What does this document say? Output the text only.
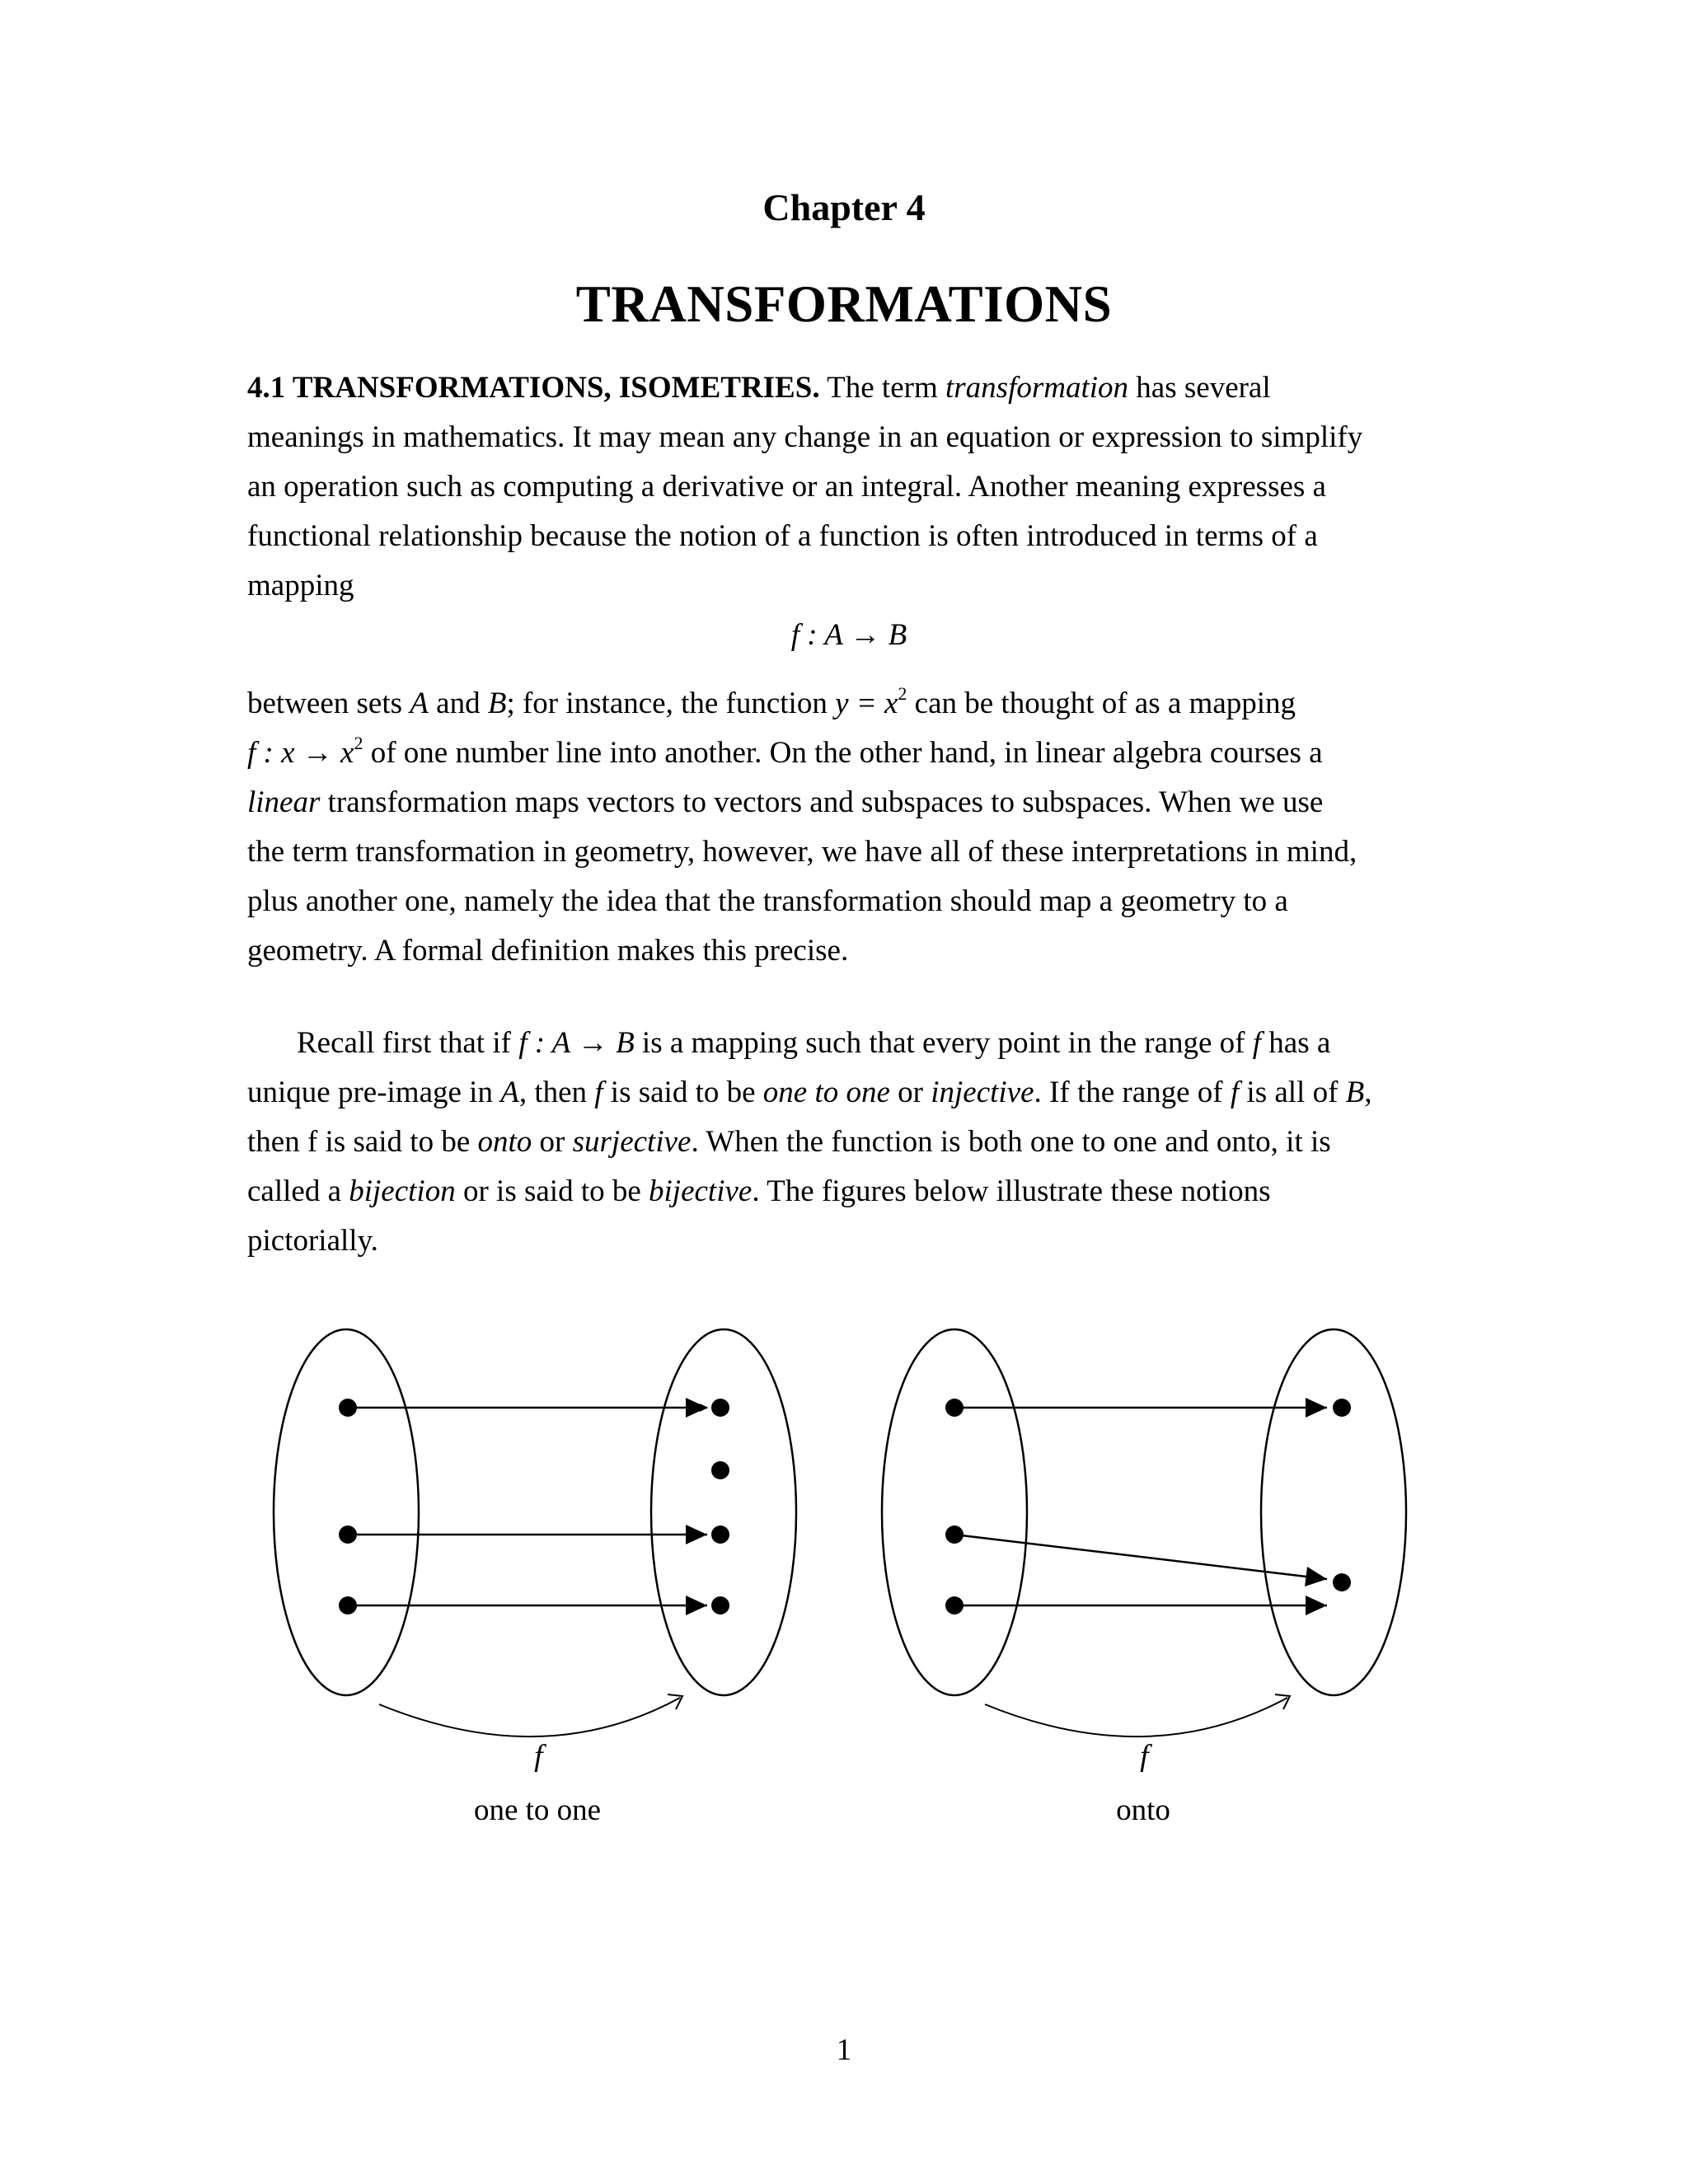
Chapter 4
TRANSFORMATIONS
4.1 TRANSFORMATIONS, ISOMETRIES. The term transformation has several
meanings in mathematics. It may mean any change in an equation or expression to simplify
an operation such as computing a derivative or an integral. Another meaning expresses a
functional relationship because the notion of a function is often introduced in terms of a
mapping
f : A → B
between sets A and B; for instance, the function $y = x^2$ can be thought of as a mapping
f : $x \to x^2$ of one number line into another. On the other hand, in linear algebra courses a
linear transformation maps vectors to vectors and subspaces to subspaces. When we use
the term transformation in geometry, however, we have all of these interpretations in mind,
plus another one, namely the idea that the transformation should map a geometry to a
geometry. A formal definition makes this precise.
Recall first that if f : A → B is a mapping such that every point in the range of f has a
unique pre-image in A, then f is said to be one to one or injective. If the range of f is all of B,
then f is said to be onto or surjective. When the function is both one to one and onto, it is
called a bijection or is said to be bijective. The figures below illustrate these notions
pictorially.
f	f
one to one	onto
1
